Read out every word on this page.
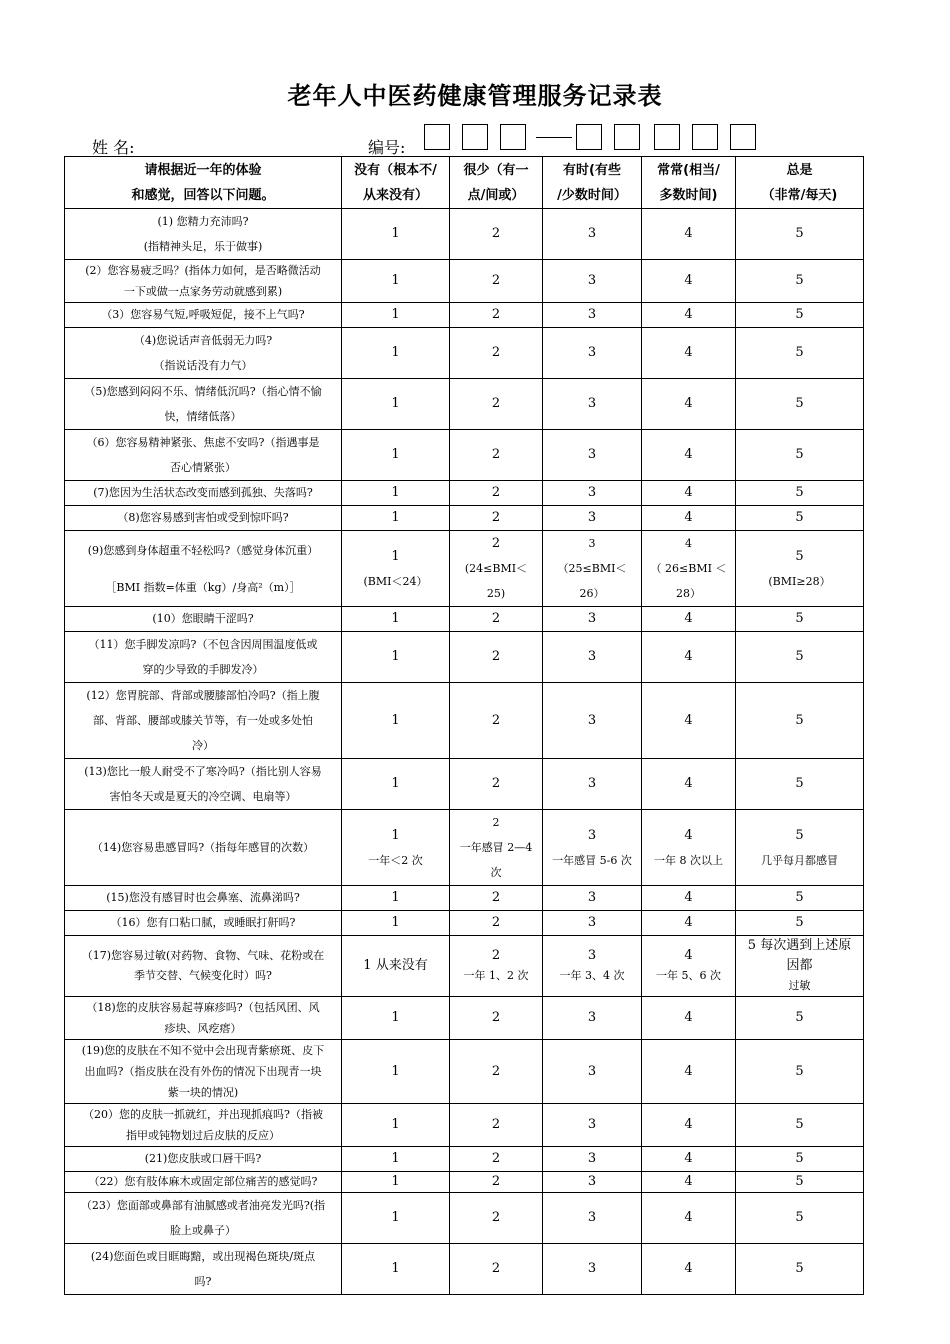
老年人中医药健康管理服务记录表
姓 名:	编号:
请根据近一年的体验
和感觉，回答以下问题。	没有（根本不/
从来没有）	很少（有一
点/间或）	有时(有些
/少数时间）	常常(相当/
多数时间)	总是
（非常/每天)

(1) 您精力充沛吗?
(指精神头足，乐于做事)	1	2	3	4	5

(2）您容易疲乏吗？(指体力如何，是否略微活动
一下或做一点家务劳动就感到累)	1	2	3	4	5

（3）您容易气短,呼吸短促，接不上气吗?	1	2	3	4	5

（4)您说话声音低弱无力吗?
（指说话没有力气）	1	2	3	4	5

（5)您感到闷闷不乐、情绪低沉吗?（指心情不愉
快，情绪低落）	1	2	3	4	5

（6）您容易精神紧张、焦虑不安吗?（指遇事是
否心情紧张）	1	2	3	4	5

(7)您因为生活状态改变而感到孤独、失落吗?	1	2	3	4	5

（8)您容易感到害怕或受到惊吓吗?	1	2	3	4	5

(9)您感到身体超重不轻松吗?（感觉身体沉重）
［BMI 指数=体重（kg）/身高²（m）］	1
(BMI＜24）	2
(24≤BMI＜25)	3
（25≤BMI＜
26）	4
（ 26≤BMI ＜
28）	5
(BMI≥28）

(10）您眼睛干涩吗?	1	2	3	4	5

（11）您手脚发凉吗?（不包含因周围温度低或
穿的少导致的手脚发冷）	1	2	3	4	5

(12）您胃脘部、背部或腰膝部怕冷吗?（指上腹
部、背部、腰部或膝关节等，有一处或多处怕
冷）	1	2	3	4	5

(13)您比一般人耐受不了寒冷吗?（指比别人容易
害怕冬天或是夏天的冷空调、电扇等）	1	2	3	4	5

（14)您容易患感冒吗?（指每年感冒的次数）	1
一年＜2 次	2
一年感冒 2—4
次	3
一年感冒 5-6 次	4
一年 8 次以上	5
几乎每月都感冒

(15)您没有感冒时也会鼻塞、流鼻涕吗?	1	2	3	4	5

（16）您有口粘口腻，或睡眠打鼾吗?	1	2	3	4	5

（17)您容易过敏(对药物、食物、气味、花粉或在
季节交替、气候变化时）吗?	1 从来没有	2
一年 1、2 次	3
一年 3、4 次	4
一年 5、6 次	5 每次遇到上述原因都
过敏

（18)您的皮肤容易起荨麻疹吗?（包括风团、风
疹块、风疙瘩）	1	2	3	4	5

(19)您的皮肤在不知不觉中会出现青紫瘀斑、皮下
出血吗?（指皮肤在没有外伤的情况下出现青一块
紫一块的情况)	1	2	3	4	5

（20）您的皮肤一抓就红，并出现抓痕吗?（指被
指甲或钝物划过后皮肤的反应）	1	2	3	4	5

(21)您皮肤或口唇干吗?	1	2	3	4	5

（22）您有肢体麻木或固定部位痛苦的感觉吗?	1	2	3	4	5

（23）您面部或鼻部有油腻感或者油亮发光吗?(指
脸上或鼻子）	1	2	3	4	5

(24)您面色或目眶晦黯，或出现褐色斑块/斑点
吗?	1	2	3	4	5
